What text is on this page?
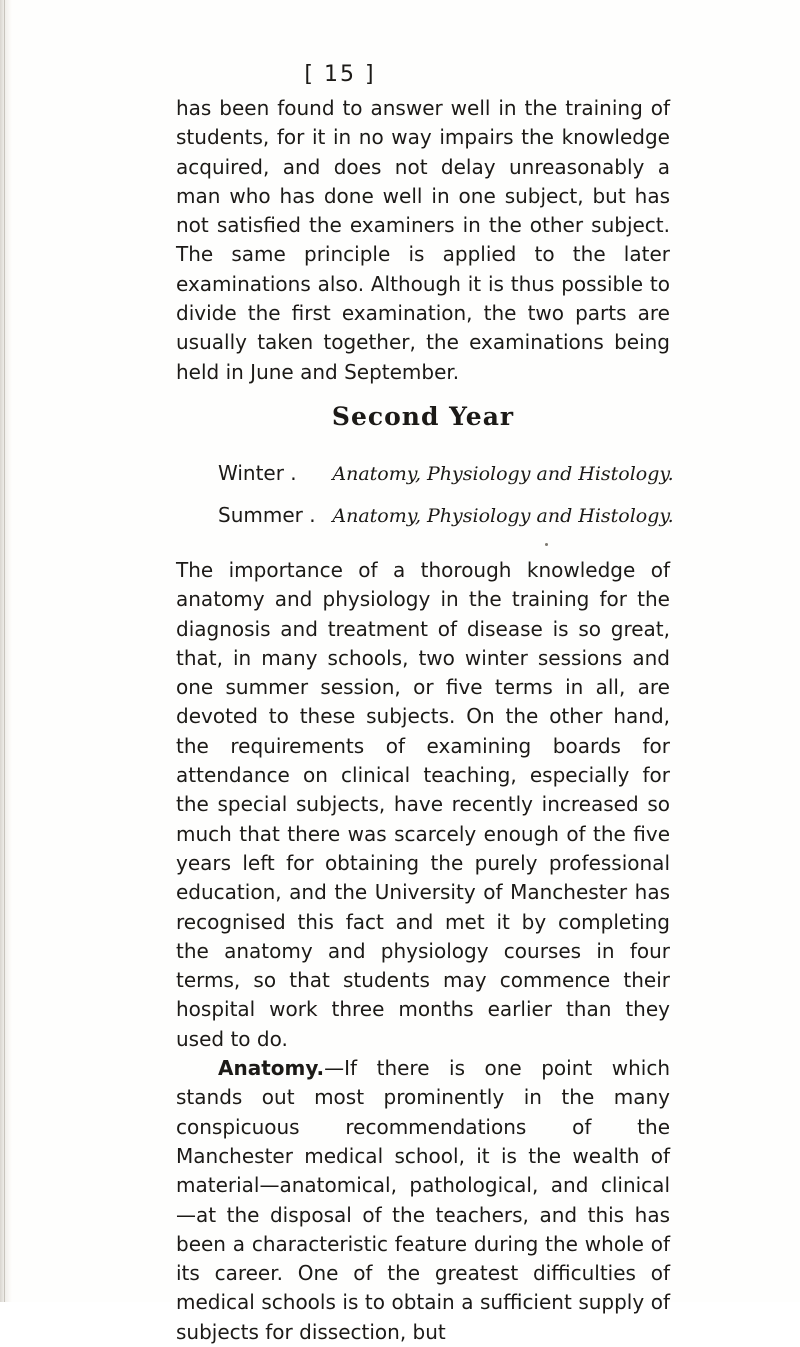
[ 15 ]

has been found to answer well in the training of students, for it in no way impairs the knowledge acquired, and does not delay unreasonably a man who has done well in one subject, but has not satisfied the examiners in the other subject. The same principle is applied to the later examinations also. Although it is thus possible to divide the first examination, the two parts are usually taken together, the examinations being held in June and September.

Second Year
Winter . Anatomy, Physiology and Histology.
Summer . Anatomy, Physiology and Histology.

The importance of a thorough knowledge of anatomy and physiology in the training for the diagnosis and treatment of disease is so great, that, in many schools, two winter sessions and one summer session, or five terms in all, are devoted to these subjects. On the other hand, the requirements of examining boards for attendance on clinical teaching, especially for the special subjects, have recently increased so much that there was scarcely enough of the five years left for obtaining the purely professional education, and the University of Manchester has recognised this fact and met it by completing the anatomy and physiology courses in four terms, so that students may commence their hospital work three months earlier than they used to do.

Anatomy.—If there is one point which stands out most prominently in the many conspicuous recommendations of the Manchester medical school, it is the wealth of material—anatomical, pathological, and clinical —at the disposal of the teachers, and this has been a characteristic feature during the whole of its career. One of the greatest difficulties of medical schools is to obtain a sufficient supply of subjects for dissection, but
